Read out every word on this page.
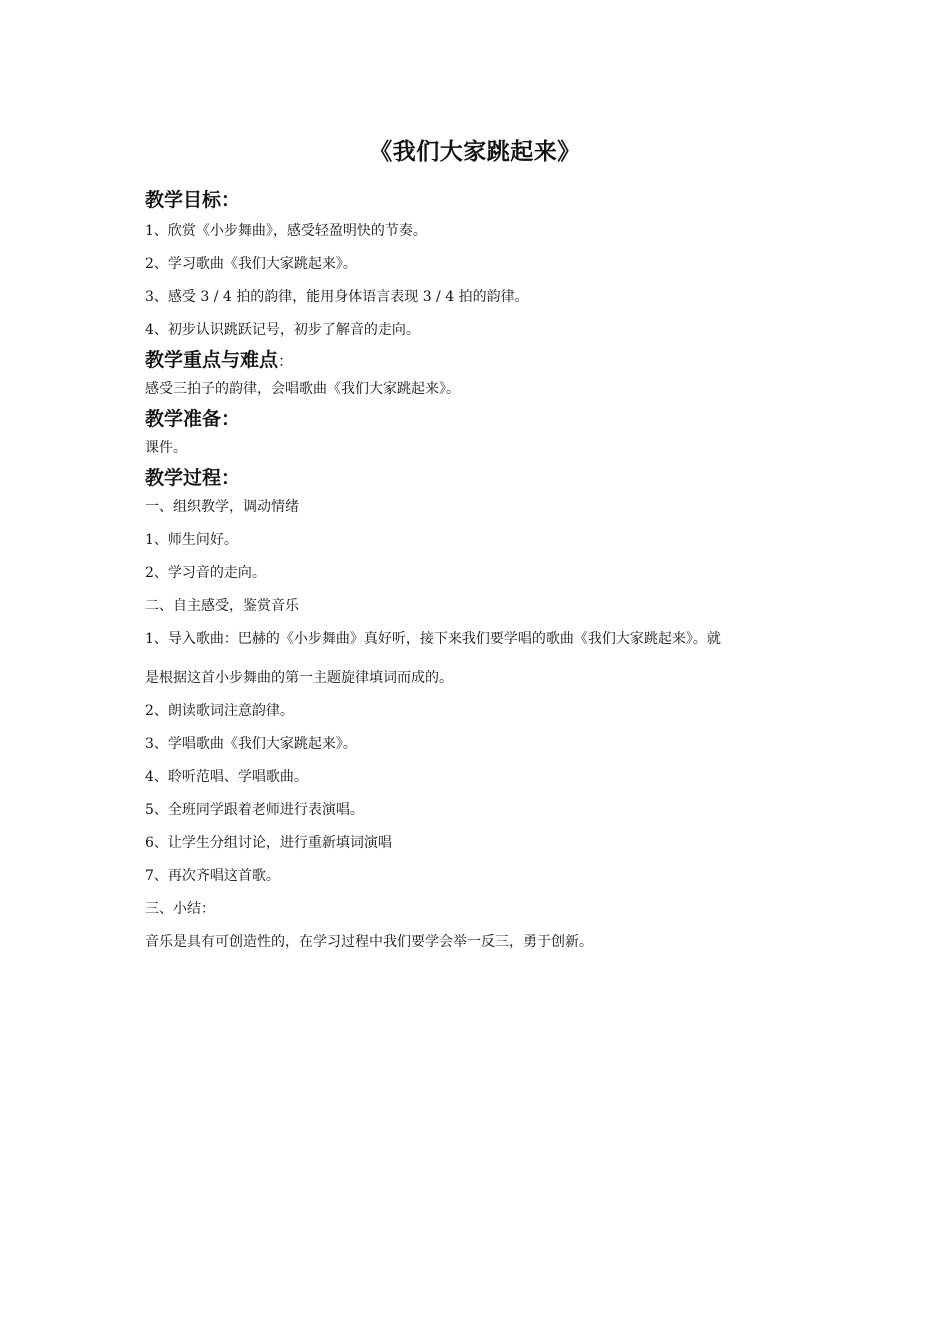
《我们大家跳起来》
教学目标：
1、欣赏《小步舞曲》，感受轻盈明快的节奏。
2、学习歌曲《我们大家跳起来》。
3、感受 3 / 4 拍的韵律，能用身体语言表现 3 / 4 拍的韵律。
4、初步认识跳跃记号，初步了解音的走向。
教学重点与难点：
感受三拍子的韵律，会唱歌曲《我们大家跳起来》。
教学准备：
课件。
教学过程：
一、组织教学，调动情绪
1、师生问好。
2、学习音的走向。
二、自主感受，鉴赏音乐
1、导入歌曲：巴赫的《小步舞曲》真好听，接下来我们要学唱的歌曲《我们大家跳起来》。就
是根据这首小步舞曲的第一主题旋律填词而成的。
2、朗读歌词注意韵律。
3、学唱歌曲《我们大家跳起来》。
4、聆听范唱、学唱歌曲。
5、全班同学跟着老师进行表演唱。
6、让学生分组讨论，进行重新填词演唱
7、再次齐唱这首歌。
三、小结：
音乐是具有可创造性的，在学习过程中我们要学会举一反三，勇于创新。
